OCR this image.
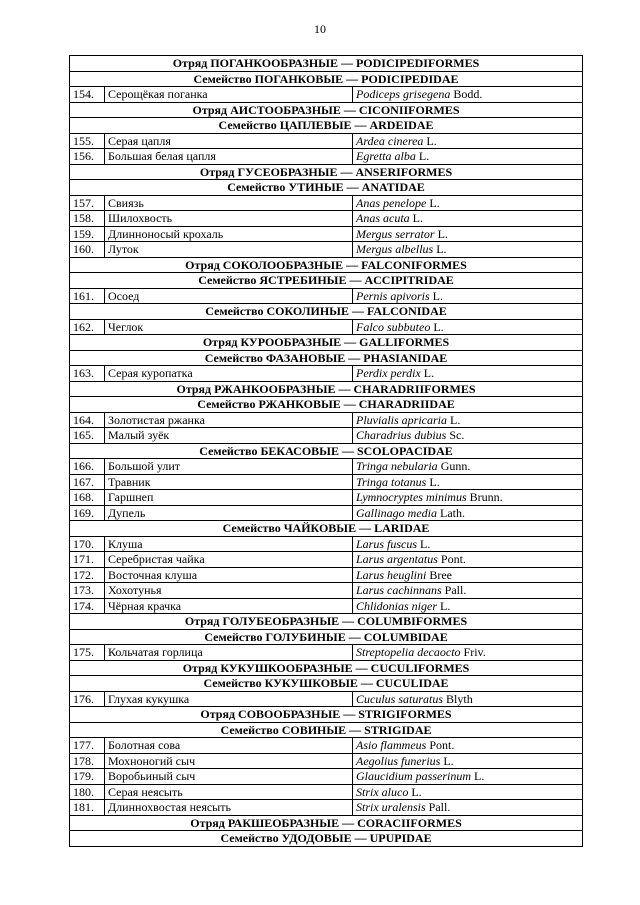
10
Отряд ПОГАНКООБРАЗНЫЕ — PODICIPEDIFORMES		
Семейство ПОГАНКОВЫЕ — PODICIPEDIDAE		
154.	Серощёкая поганка	Podiceps grisegena Bodd.
Отряд АИСТООБРАЗНЫЕ — CICONIIFORMES		
Семейство ЦАПЛЕВЫЕ — ARDEIDAE		
155.	Серая цапля	Ardea cinerea L.
156.	Большая белая цапля	Egretta alba L.
Отряд ГУСЕОБРАЗНЫЕ — ANSERIFORMES		
Семейство УТИНЫЕ — ANATIDAE		
157.	Свиязь	Anas penelope L.
158.	Шилохвость	Anas acuta L.
159.	Длинноносый крохаль	Mergus serrator L.
160.	Луток	Mergus albellus L.
Отряд СОКОЛООБРАЗНЫЕ — FALCONIFORMES		
Семейство ЯСТРЕБИНЫЕ — ACCIPITRIDAE		
161.	Осоед	Pernis apivoris L.
Семейство СОКОЛИНЫЕ — FALCONIDAE		
162.	Чеглок	Falco subbuteo L.
Отряд КУРООБРАЗНЫЕ — GALLIFORMES		
Семейство ФАЗАНОВЫЕ — PHASIANIDAE		
163.	Серая куропатка	Perdix perdix L.
Отряд РЖАНКООБРАЗНЫЕ — CHARADRIIFORMES		
Семейство РЖАНКОВЫЕ — CHARADRIIDAE		
164.	Золотистая ржанка	Pluvialis apricaria L.
165.	Малый зуёк	Charadrius dubius Sc.
Семейство БЕКАСОВЫЕ — SCOLOPACIDAE		
166.	Большой улит	Tringa nebularia Gunn.
167.	Травник	Tringa totanus L.
168.	Гаршнеп	Lymnocryptes minimus Brunn.
169.	Дупель	Gallinago media Lath.
Семейство ЧАЙКОВЫЕ — LARIDAE		
170.	Клуша	Larus fuscus L.
171.	Серебристая чайка	Larus argentatus Pont.
172.	Восточная клуша	Larus heuglini Bree
173.	Хохотунья	Larus cachinnans Pall.
174.	Чёрная крачка	Chlidonias niger L.
Отряд ГОЛУБЕОБРАЗНЫЕ — COLUMBIFORMES		
Семейство ГОЛУБИНЫЕ — COLUMBIDAE		
175.	Кольчатая горлица	Streptopelia decaocto Friv.
Отряд КУКУШКООБРАЗНЫЕ — CUCULIFORMES		
Семейство КУКУШКОВЫЕ — CUCULIDAE		
176.	Глухая кукушка	Cuculus saturatus Blyth
Отряд СОВООБРАЗНЫЕ — STRIGIFORMES		
Семейство СОВИНЫЕ — STRIGIDAE		
177.	Болотная сова	Asio flammeus Pont.
178.	Мохноногий сыч	Aegolius funerius L.
179.	Воробьиный сыч	Glaucidium passerinum L.
180.	Серая неясыть	Strix aluco L.
181.	Длиннохвостая неясыть	Strix uralensis Pall.
Отряд РАКШЕОБРАЗНЫЕ — CORACIIFORMES		
Семейство УДОДОВЫЕ — UPUPIDAE		
